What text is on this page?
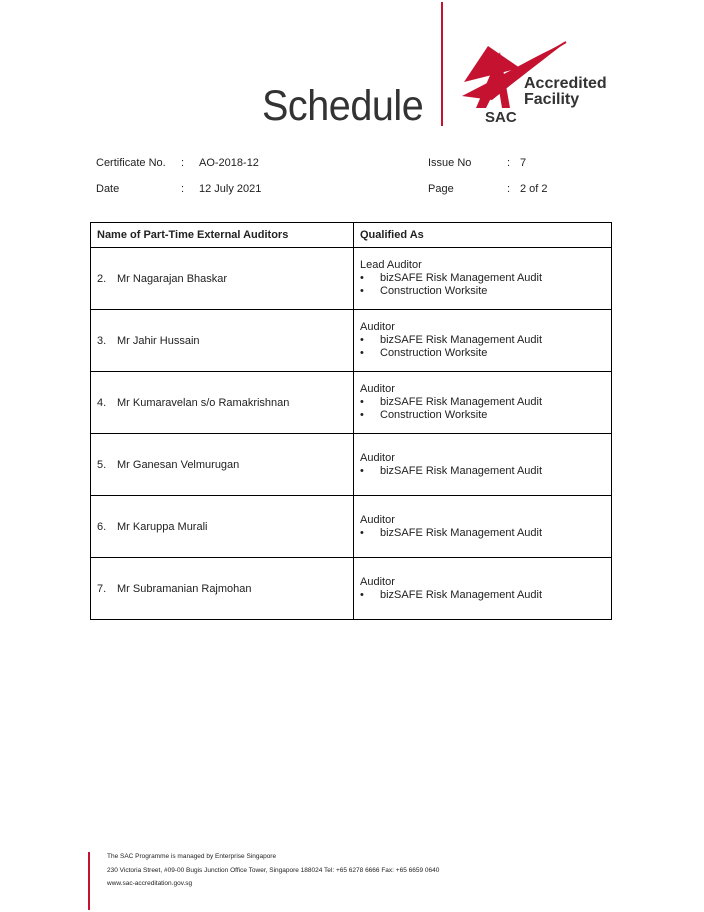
Schedule	Accredited
Facility
SAC
Certificate No. : AO-2018-12	Issue No	: 7
Date	: 12 July 2021	Page	: 2 of 2
Name of Part-Time External Auditors	Qualified As
2. Mr Nagarajan Bhaskar	Lead Auditor
• bizSAFE Risk Management Audit
• Construction Worksite

3. Mr Jahir Hussain	Auditor
• bizSAFE Risk Management Audit
• Construction Worksite

4. Mr Kumaravelan s/o Ramakrishnan	Auditor
• bizSAFE Risk Management Audit
• Construction Worksite

5. Mr Ganesan Velmurugan	Auditor
• bizSAFE Risk Management Audit

6. Mr Karuppa Murali	Auditor
• bizSAFE Risk Management Audit

7. Mr Subramanian Rajmohan	Auditor
• bizSAFE Risk Management Audit
The SAC Programme is managed by Enterprise Singapore
230 Victoria Street, #09-00 Bugis Junction Office Tower, Singapore 188024 Tel: +65 6278 6666 Fax: +65 6659 0640
www.sac-accreditation.gov.sg
